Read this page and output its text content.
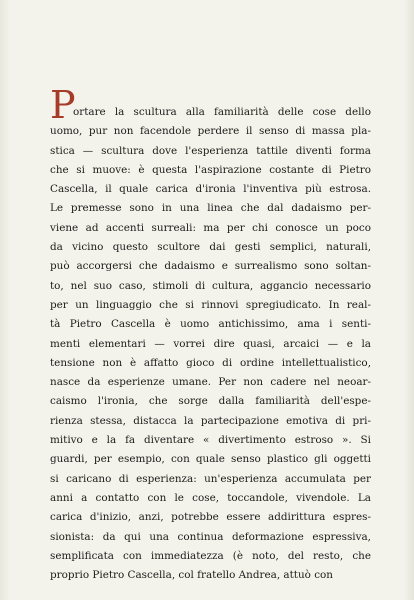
P
ortare la scultura alla familiarità delle cose dello
uomo, pur non facendole perdere il senso di massa pla-
stica — scultura dove l'esperienza tattile diventi forma
che si muove: è questa l'aspirazione costante di Pietro
Cascella, il quale carica d'ironia l'inventiva più estrosa.
Le premesse sono in una linea che dal dadaismo per-
viene ad accenti surreali: ma per chi conosce un poco
da vicino questo scultore dai gesti semplici, naturali,
può accorgersi che dadaismo e surrealismo sono soltan-
to, nel suo caso, stimoli di cultura, aggancio necessario
per un linguaggio che si rinnovi spregiudicato. In real-
tà Pietro Cascella è uomo antichissimo, ama i senti-
menti elementari — vorrei dire quasi, arcaici — e la
tensione non è affatto gioco di ordine intellettualistico,
nasce da esperienze umane. Per non cadere nel neoar-
caismo l'ironia, che sorge dalla familiarità dell'espe-
rienza stessa, distacca la partecipazione emotiva di pri-
mitivo e la fa diventare « divertimento estroso ». Si
guardi, per esempio, con quale senso plastico gli oggetti
si caricano di esperienza: un'esperienza accumulata per
anni a contatto con le cose, toccandole, vivendole. La
carica d'inizio, anzi, potrebbe essere addirittura espres-
sionista: da qui una continua deformazione espressiva,
semplificata con immediatezza (è noto, del resto, che
proprio Pietro Cascella, col fratello Andrea, attuò con
